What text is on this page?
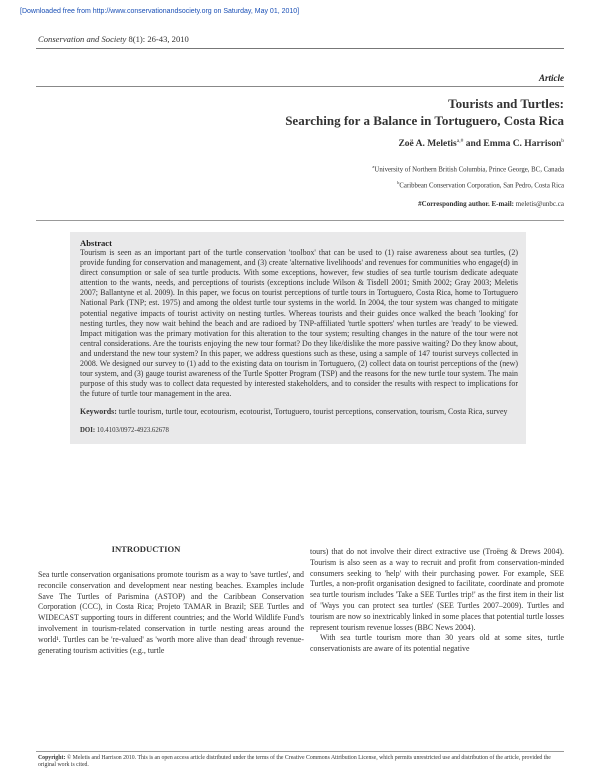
[Downloaded free from http://www.conservationandsociety.org on Saturday, May 01, 2010]
Conservation and Society 8(1): 26-43, 2010
Article
Tourists and Turtles:
Searching for a Balance in Tortuguero, Costa Rica
Zoë A. Meletis$^{a,\#}$ and Emma C. Harrison$^b$
$^a$University of Northern British Columbia, Prince George, BC, Canada
$^b$Caribbean Conservation Corporation, San Pedro, Costa Rica
#Corresponding author. E-mail: meletis@unbc.ca
Abstract
Tourism is seen as an important part of the turtle conservation 'toolbox' that can be used to (1) raise awareness about sea turtles, (2) provide funding for conservation and management, and (3) create 'alternative livelihoods' and revenues for communities who engage(d) in direct consumption or sale of sea turtle products. With some exceptions, however, few studies of sea turtle tourism dedicate adequate attention to the wants, needs, and perceptions of tourists (exceptions include Wilson & Tisdell 2001; Smith 2002; Gray 2003; Meletis 2007; Ballantyne et al. 2009). In this paper, we focus on tourist perceptions of turtle tours in Tortuguero, Costa Rica, home to Tortuguero National Park (TNP; est. 1975) and among the oldest turtle tour systems in the world. In 2004, the tour system was changed to mitigate potential negative impacts of tourist activity on nesting turtles. Whereas tourists and their guides once walked the beach 'looking' for nesting turtles, they now wait behind the beach and are radioed by TNP-affiliated 'turtle spotters' when turtles are 'ready' to be viewed. Impact mitigation was the primary motivation for this alteration to the tour system; resulting changes in the nature of the tour were not central considerations. Are the tourists enjoying the new tour format? Do they like/dislike the more passive waiting? Do they know about, and understand the new tour system? In this paper, we address questions such as these, using a sample of 147 tourist surveys collected in 2008. We designed our survey to (1) add to the existing data on tourism in Tortuguero, (2) collect data on tourist perceptions of the (new) tour system, and (3) gauge tourist awareness of the Turtle Spotter Program (TSP) and the reasons for the new turtle tour system. The main purpose of this study was to collect data requested by interested stakeholders, and to consider the results with respect to implications for the future of turtle tour management in the area.
Keywords: turtle tourism, turtle tour, ecotourism, ecotourist, Tortuguero, tourist perceptions, conservation, tourism, Costa Rica, survey
DOI: 10.4103/0972-4923.62678
INTRODUCTION
Sea turtle conservation organisations promote tourism as a way to 'save turtles', and reconcile conservation and development near nesting beaches. Examples include Save The Turtles of Parismina (ASTOP) and the Caribbean Conservation Corporation (CCC), in Costa Rica; Projeto TAMAR in Brazil; SEE Turtles and WIDECAST supporting tours in different countries; and the World Wildlife Fund's involvement in tourism-related conservation in turtle nesting areas around the world¹. Turtles can be 're-valued' as 'worth more alive than dead' through revenue-generating tourism activities (e.g., turtle
tours) that do not involve their direct extractive use (Troëng & Drews 2004). Tourism is also seen as a way to recruit and profit from conservation-minded consumers seeking to 'help' with their purchasing power. For example, SEE Turtles, a non-profit organisation designed to facilitate, coordinate and promote sea turtle tourism includes 'Take a SEE Turtles trip!' as the first item in their list of 'Ways you can protect sea turtles' (SEE Turtles 2007–2009). Turtles and tourism are now so inextricably linked in some places that potential turtle losses represent tourism revenue losses (BBC News 2004).
With sea turtle tourism more than 30 years old at some sites, turtle conservationists are aware of its potential negative
Copyright: © Meletis and Harrison 2010. This is an open access article distributed under the terms of the Creative Commons Attribution License, which permits unrestricted use and distribution of the article, provided the original work is cited.
